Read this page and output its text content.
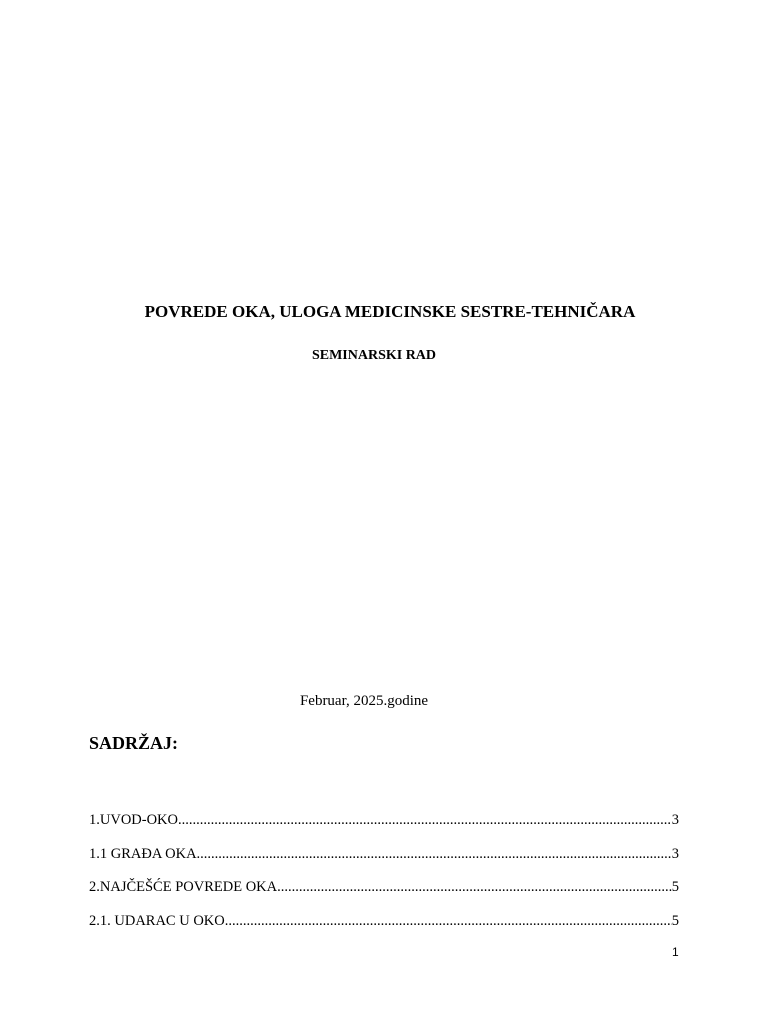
POVREDE OKA, ULOGA MEDICINSKE SESTRE-TEHNIČARA
SEMINARSKI RAD
Februar, 2025.godine
SADRŽAJ:
1.UVOD-OKO .....	3
1.1 GRAĐA OKA .....	3
2.NAJČEŠĆE POVREDE OKA .....	5
2.1. UDARAC U OKO .....	5
1
